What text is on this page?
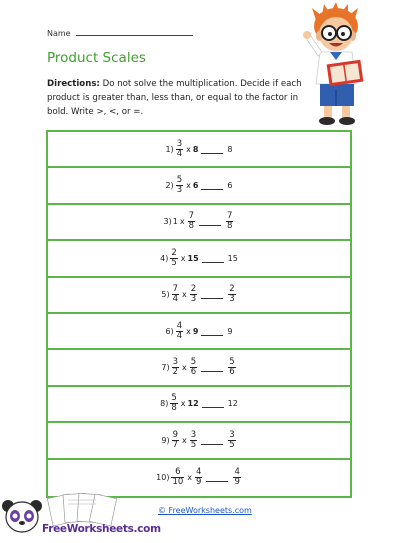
Name
Product Scales
Directions: Do not solve the multiplication. Decide if each product is greater than, less than, or equal to the factor in bold. Write >, <, or =.
$1) \frac{3}{4}$ x 8	8
$2) \frac{5}{3}$ x 6	6
3) 1 x $\frac{7}{8}$	$\frac{7}{8}$
$4) \frac{2}{5}$ x 15	15
$5) \frac{7}{4}$ x $\frac{2}{3}$	$\frac{2}{3}$
$6) \frac{4}{4}$ x 9	9
$7) \frac{3}{2}$ x $\frac{5}{6}$	$\frac{5}{6}$
$8) \frac{5}{8}$ x 12	12
$9) \frac{9}{7}$ x $\frac{3}{5}$	$\frac{3}{5}$
$10) \frac{6}{10}$ x $\frac{4}{9}$	$\frac{4}{9}$
FreeWorksheets.com
© FreeWorksheets.com
